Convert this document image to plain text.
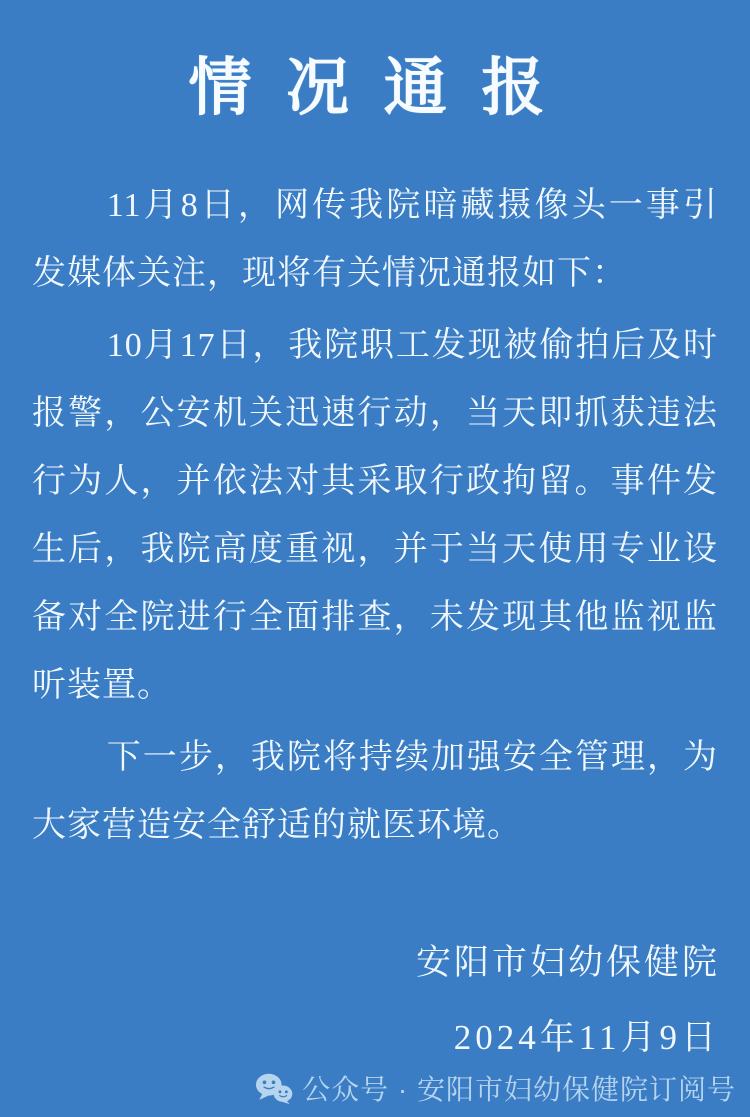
情况通报

11月8日，网传我院暗藏摄像头一事引发媒体关注，现将有关情况通报如下：

10月17日，我院职工发现被偷拍后及时报警，公安机关迅速行动，当天即抓获违法行为人，并依法对其采取行政拘留。事件发生后，我院高度重视，并于当天使用专业设备对全院进行全面排查，未发现其他监视监听装置。

下一步，我院将持续加强安全管理，为大家营造安全舒适的就医环境。

安阳市妇幼保健院
2024年11月9日
公众号 · 安阳市妇幼保健院订阅号
